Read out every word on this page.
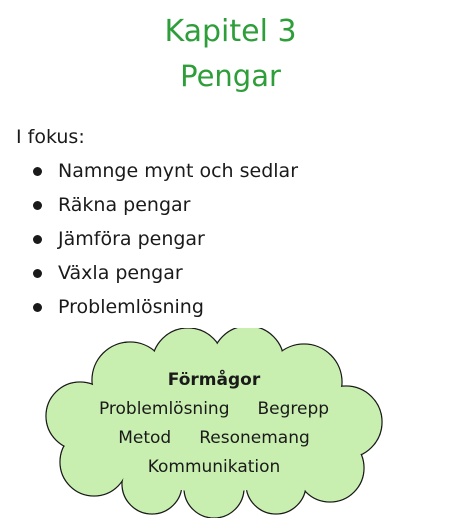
Kapitel 3
Pengar
I fokus:
Namnge mynt och sedlar
Räkna pengar
Jämföra pengar
Växla pengar
Problemlösning
Förmågor
Problemlösning Begrepp
Metod Resonemang
Kommunikation
